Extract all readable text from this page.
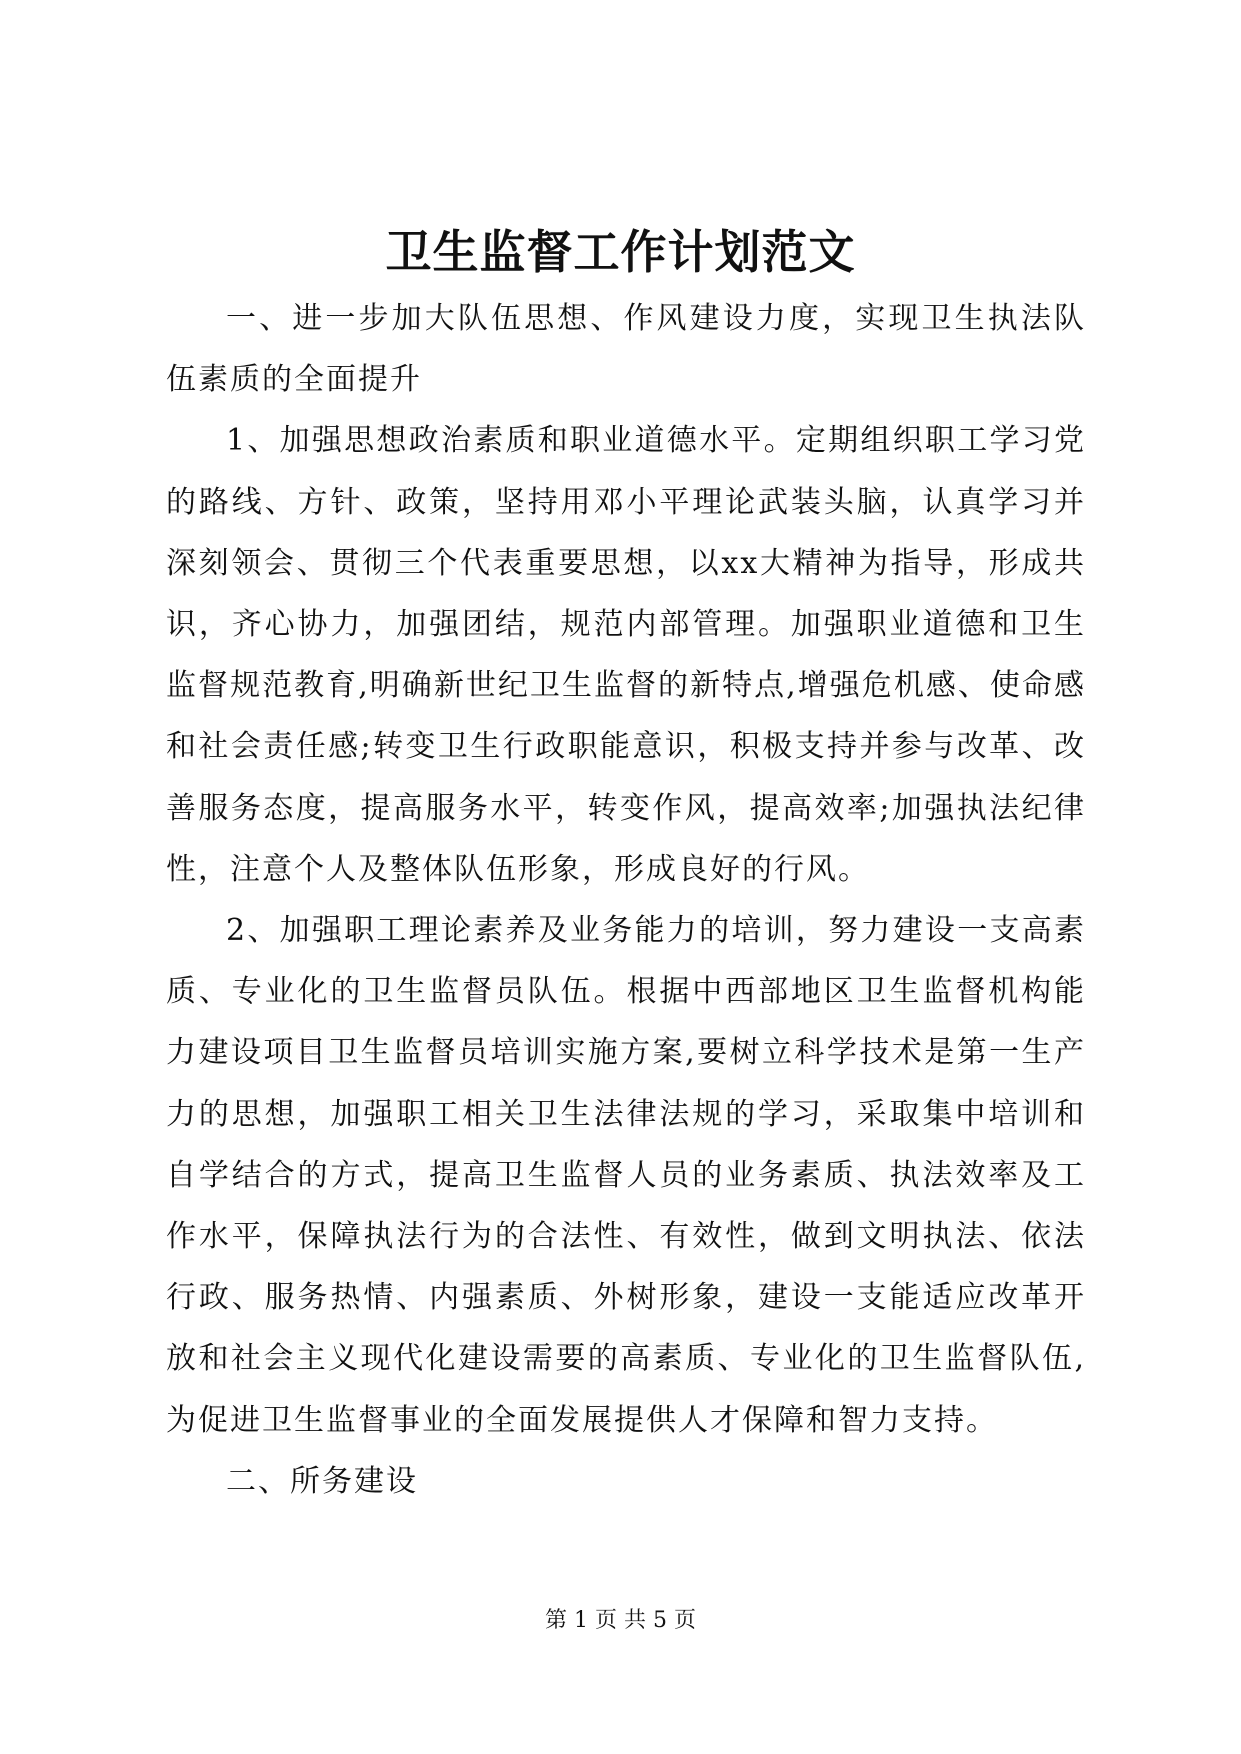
卫生监督工作计划范文

一、进一步加大队伍思想、作风建设力度，实现卫生执法队伍素质的全面提升

1、加强思想政治素质和职业道德水平。定期组织职工学习党的路线、方针、政策，坚持用邓小平理论武装头脑，认真学习并深刻领会、贯彻三个代表重要思想，以xx大精神为指导，形成共识，齐心协力，加强团结，规范内部管理。加强职业道德和卫生监督规范教育,明确新世纪卫生监督的新特点,增强危机感、使命感和社会责任感;转变卫生行政职能意识，积极支持并参与改革、改善服务态度，提高服务水平，转变作风，提高效率;加强执法纪律性，注意个人及整体队伍形象，形成良好的行风。

2、加强职工理论素养及业务能力的培训，努力建设一支高素质、专业化的卫生监督员队伍。根据中西部地区卫生监督机构能力建设项目卫生监督员培训实施方案,要树立科学技术是第一生产力的思想，加强职工相关卫生法律法规的学习，采取集中培训和自学结合的方式，提高卫生监督人员的业务素质、执法效率及工作水平，保障执法行为的合法性、有效性，做到文明执法、依法行政、服务热情、内强素质、外树形象，建设一支能适应改革开放和社会主义现代化建设需要的高素质、专业化的卫生监督队伍,为促进卫生监督事业的全面发展提供人才保障和智力支持。

二、所务建设

第 1 页 共 5 页
